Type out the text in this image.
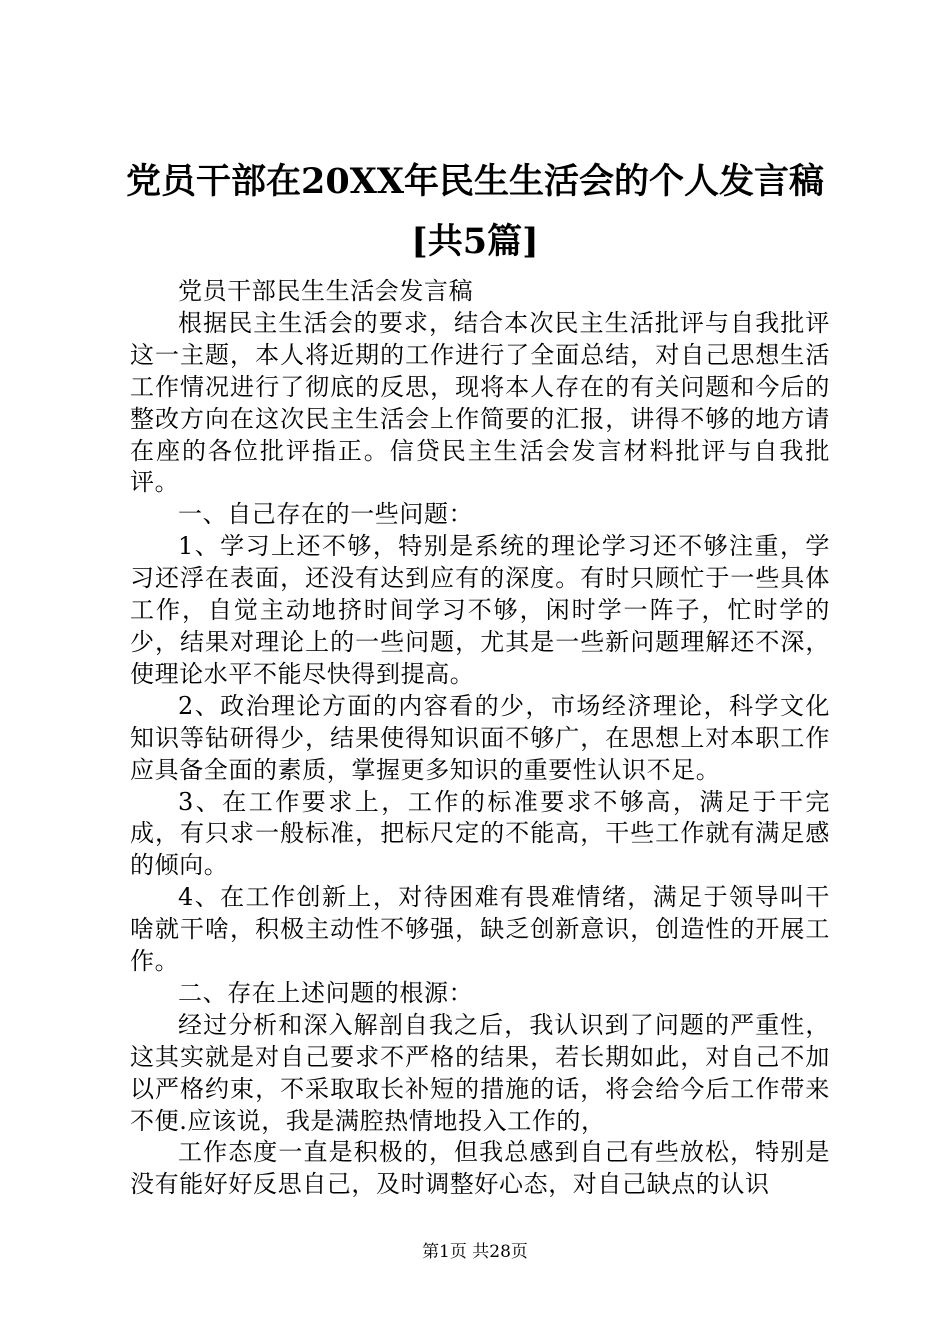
党员干部在20XX年民生生活会的个人发言稿
[共5篇]

党员干部民生生活会发言稿

根据民主生活会的要求，结合本次民主生活批评与自我批评这一主题，本人将近期的工作进行了全面总结，对自己思想生活工作情况进行了彻底的反思，现将本人存在的有关问题和今后的整改方向在这次民主生活会上作简要的汇报，讲得不够的地方请在座的各位批评指正。信贷民主生活会发言材料批评与自我批评。

一、自己存在的一些问题：

1、学习上还不够，特别是系统的理论学习还不够注重，学习还浮在表面，还没有达到应有的深度。有时只顾忙于一些具体工作，自觉主动地挤时间学习不够，闲时学一阵子，忙时学的少，结果对理论上的一些问题，尤其是一些新问题理解还不深，使理论水平不能尽快得到提高。

2、政治理论方面的内容看的少，市场经济理论，科学文化知识等钻研得少，结果使得知识面不够广，在思想上对本职工作应具备全面的素质，掌握更多知识的重要性认识不足。

3、在工作要求上，工作的标准要求不够高，满足于干完成，有只求一般标准，把标尺定的不能高，干些工作就有满足感的倾向。

4、在工作创新上，对待困难有畏难情绪，满足于领导叫干啥就干啥，积极主动性不够强，缺乏创新意识，创造性的开展工作。

二、存在上述问题的根源：

经过分析和深入解剖自我之后，我认识到了问题的严重性，这其实就是对自己要求不严格的结果，若长期如此，对自己不加以严格约束，不采取取长补短的措施的话，将会给今后工作带来不便.应该说，我是满腔热情地投入工作的，

工作态度一直是积极的，但我总感到自己有些放松，特别是没有能好好反思自己，及时调整好心态，对自己缺点的认识

第1页 共28页
